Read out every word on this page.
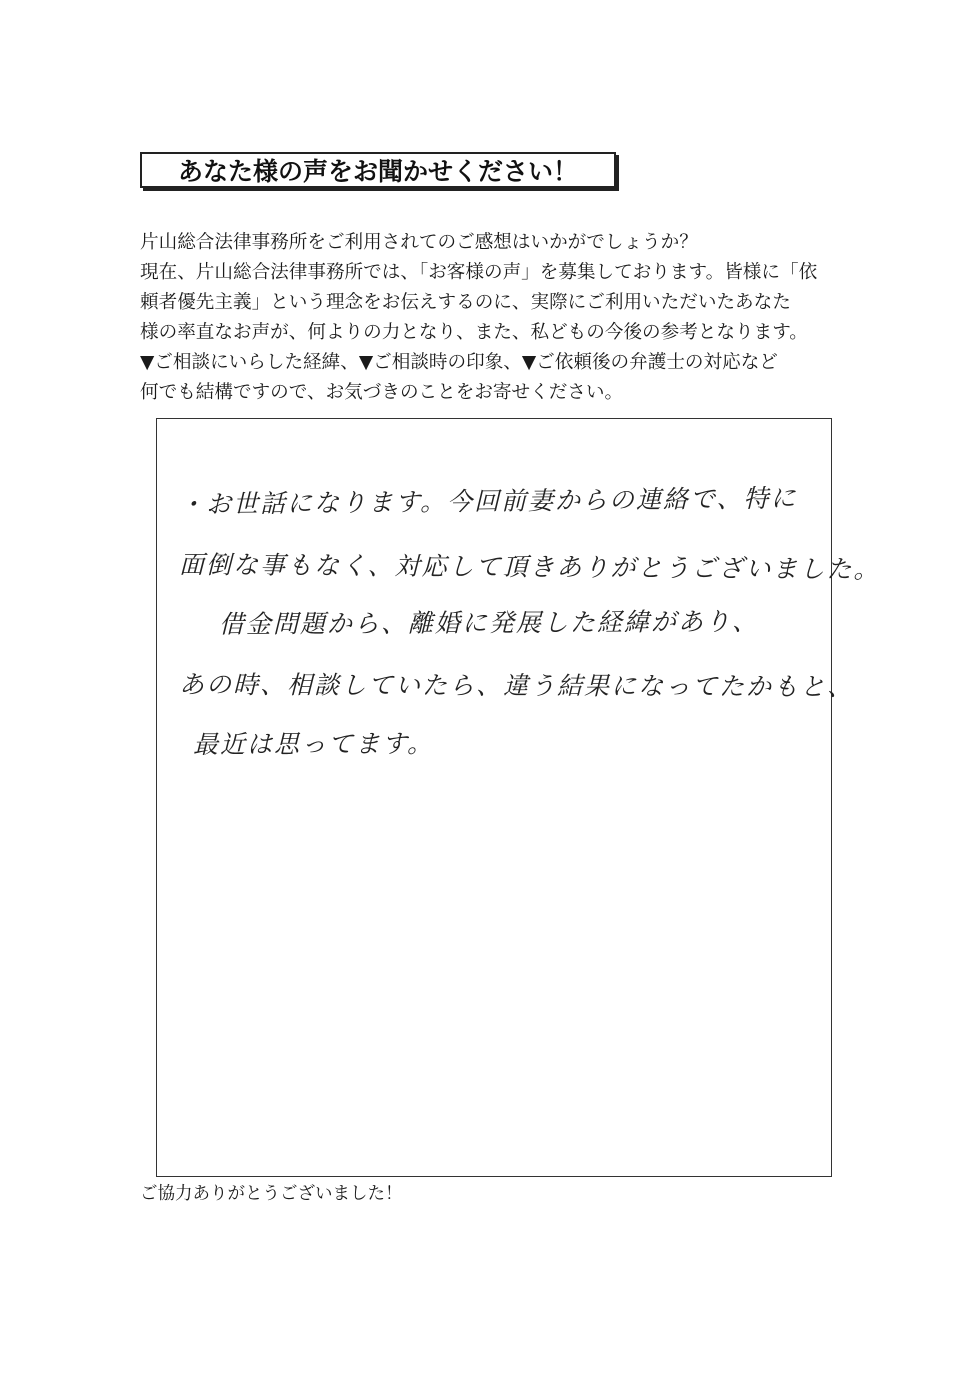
あなた様の声をお聞かせください！
片山総合法律事務所をご利用されてのご感想はいかがでしょうか？
現在、片山総合法律事務所では、「お客様の声」を募集しております。皆様に「依
頼者優先主義」という理念をお伝えするのに、実際にご利用いただいたあなた
様の率直なお声が、何よりの力となり、また、私どもの今後の参考となります。
▼ご相談にいらした経緯、▼ご相談時の印象、▼ご依頼後の弁護士の対応など
何でも結構ですので、お気づきのことをお寄せください。
・お世話になります。今回前妻からの連絡で、特に
面倒な事もなく、対応して頂きありがとうございました。
借金問題から、離婚に発展した経緯があり、
あの時、相談していたら、違う結果になってたかもと、
最近は思ってます。
ご協力ありがとうございました！
